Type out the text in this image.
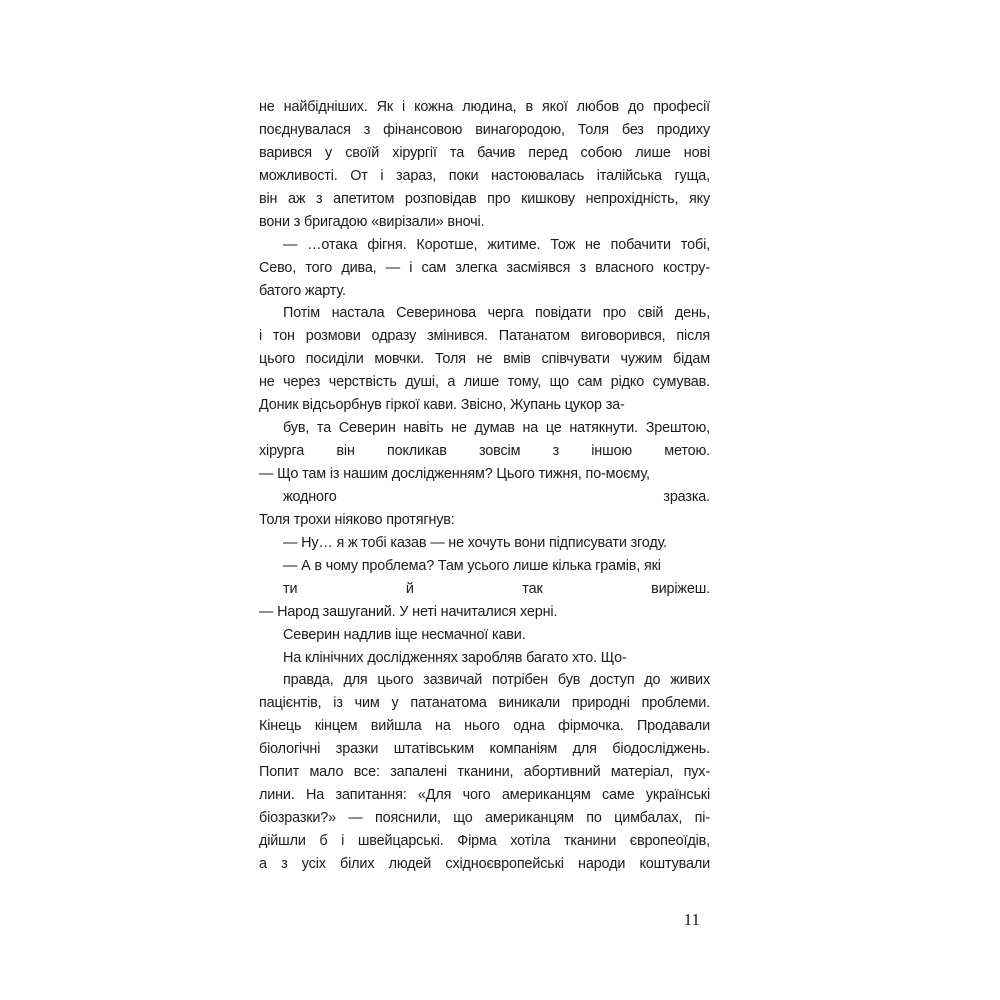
не найбідніших. Як і кожна людина, в якої любов до професії
поєднувалася з фінансовою винагородою, Толя без продиху
варився у своїй хірургії та бачив перед собою лише нові
можливості. От і зараз, поки настоювалась італійська гуща,
він аж з апетитом розповідав про кишкову непрохідність, яку
вони з бригадою «вирізали» вночі.
— …отака фігня. Коротше, житиме. Тож не побачити тобі,
Сево, того дива, — і сам злегка засміявся з власного костру-
батого жарту.
Потім настала Северинова черга повідати про свій день,
і тон розмови одразу змінився. Патанатом виговорився, після
цього посиділи мовчки. Толя не вмів співчувати чужим бідам
не через черствість душі, а лише тому, що сам рідко сумував.
Доник відсьорбнув гіркої кави. Звісно, Жупань цукор за-
був, та Северин навіть не думав на це натякнути. Зрештою,
хірурга він покликав зовсім з іншою метою.
— Що там із нашим дослідженням? Цього тижня, по-моєму,
жодного зразка.
Толя трохи ніяково протягнув:
— Ну… я ж тобі казав — не хочуть вони підписувати згоду.
— А в чому проблема? Там усього лише кілька грамів, які
ти й так виріжеш.
— Народ зашуганий. У неті начиталися херні.
Северин надлив іще несмачної кави.
На клінічних дослідженнях заробляв багато хто. Що-
правда, для цього зазвичай потрібен був доступ до живих
пацієнтів, із чим у патанатома виникали природні проблеми.
Кінець кінцем вийшла на нього одна фірмочка. Продавали
біологічні зразки штатівським компаніям для біодосліджень.
Попит мало все: запалені тканини, абортивний матеріал, пух-
лини. На запитання: «Для чого американцям саме українські
біозразки?» — пояснили, що американцям по цимбалах, пі-
дійшли б і швейцарські. Фірма хотіла тканини європеоїдів,
а з усіх білих людей східноєвропейські народи коштували
11
